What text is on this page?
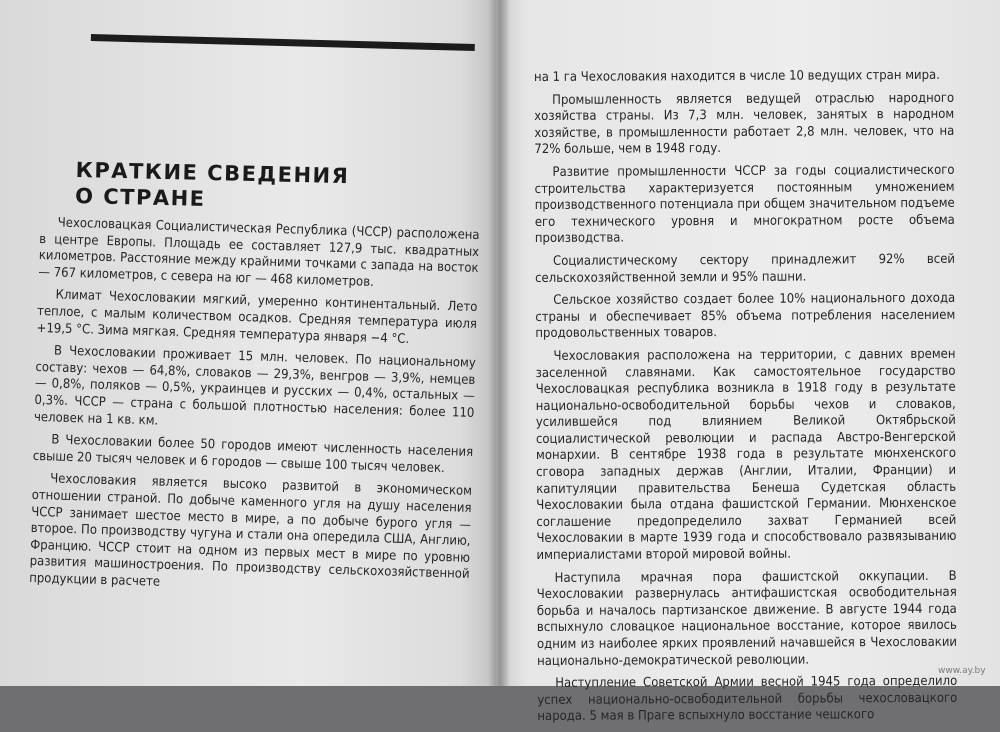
КРАТКИЕ СВЕДЕНИЯ
О СТРАНЕ

Чехословацкая Социалистическая Республика (ЧССР) расположена в центре Европы. Площадь ее составляет 127,9 тыс. квадратных километров. Расстояние между крайними точками с запада на восток — 767 километров, с севера на юг — 468 километров.

Климат Чехословакии мягкий, умеренно континентальный. Лето теплое, с малым количеством осадков. Средняя температура июля +19,5 °С. Зима мягкая. Средняя температура января −4 °С.

В Чехословакии проживает 15 млн. человек. По национальному составу: чехов — 64,8%, словаков — 29,3%, венгров — 3,9%, немцев — 0,8%, поляков — 0,5%, украинцев и русских — 0,4%, остальных — 0,3%. ЧССР — страна с большой плотностью населения: более 110 человек на 1 кв. км.

В Чехословакии более 50 городов имеют численность населения свыше 20 тысяч человек и 6 городов — свыше 100 тысяч человек.

Чехословакия является высоко развитой в экономическом отношении страной. По добыче каменного угля на душу населения ЧССР занимает шестое место в мире, а по добыче бурого угля — второе. По производству чугуна и стали она опередила США, Англию, Францию. ЧССР стоит на одном из первых мест в мире по уровню развития машиностроения. По производству сельскохозяйственной продукции в расчете

на 1 га Чехословакия находится в числе 10 ведущих стран мира.

Промышленность является ведущей отраслью народного хозяйства страны. Из 7,3 млн. человек, занятых в народном хозяйстве, в промышленности работает 2,8 млн. человек, что на 72% больше, чем в 1948 году.

Развитие промышленности ЧССР за годы социалистического строительства характеризуется постоянным умножением производственного потенциала при общем значительном подъеме его технического уровня и многократном росте объема производства.

Социалистическому сектору принадлежит 92% всей сельскохозяйственной земли и 95% пашни.

Сельское хозяйство создает более 10% национального дохода страны и обеспечивает 85% объема потребления населением продовольственных товаров.

Чехословакия расположена на территории, с давних времен заселенной славянами. Как самостоятельное государство Чехословацкая республика возникла в 1918 году в результате национально-освободительной борьбы чехов и словаков, усилившейся под влиянием Великой Октябрьской социалистической революции и распада Австро-Венгерской монархии. В сентябре 1938 года в результате мюнхенского сговора западных держав (Англии, Италии, Франции) и капитуляции правительства Бенеша Судетская область Чехословакии была отдана фашистской Германии. Мюнхенское соглашение предопределило захват Германией всей Чехословакии в марте 1939 года и способствовало развязыванию империалистами второй мировой войны.

Наступила мрачная пора фашистской оккупации. В Чехословакии развернулась антифашистская освободительная борьба и началось партизанское движение. В августе 1944 года вспыхнуло словацкое национальное восстание, которое явилось одним из наиболее ярких проявлений начавшейся в Чехословакии национально-демократической революции.

Наступление Советской Армии весной 1945 года определило успех национально-освободительной борьбы чехословацкого народа. 5 мая в Праге вспыхнуло восстание чешского

www.ay.by
